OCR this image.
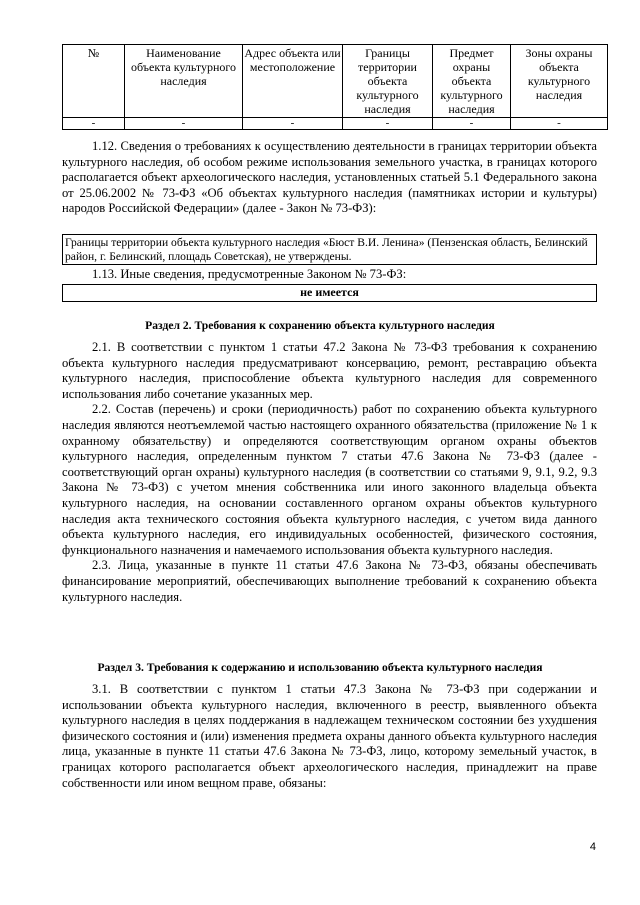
№	Наименование объекта культурного наследия	Адрес объекта или местоположение	Границы территории объекта культурного наследия	Предмет охраны объекта культурного наследия	Зоны охраны объекта культурного наследия
-	-	-	-	-	-

1.12. Сведения о требованиях к осуществлению деятельности в границах территории объекта культурного наследия, об особом режиме использования земельного участка, в границах которого располагается объект археологического наследия, установленных статьей 5.1 Федерального закона от 25.06.2002 № 73-ФЗ «Об объектах культурного наследия (памятниках истории и культуры) народов Российской Федерации» (далее - Закон № 73-ФЗ):

Границы территории объекта культурного наследия «Бюст В.И. Ленина» (Пензенская область, Белинский район, г. Белинский, площадь Советская), не утверждены.

1.13. Иные сведения, предусмотренные Законом № 73-ФЗ:

не имеется
Раздел 2. Требования к сохранению объекта культурного наследия

2.1. В соответствии с пунктом 1 статьи 47.2 Закона № 73-ФЗ требования к сохранению объекта культурного наследия предусматривают консервацию, ремонт, реставрацию объекта культурного наследия, приспособление объекта культурного наследия для современного использования либо сочетание указанных мер.

2.2. Состав (перечень) и сроки (периодичность) работ по сохранению объекта культурного наследия являются неотъемлемой частью настоящего охранного обязательства (приложение № 1 к охранному обязательству) и определяются соответствующим органом охраны объектов культурного наследия, определенным пунктом 7 статьи 47.6 Закона № 73-ФЗ (далее - соответствующий орган охраны) культурного наследия (в соответствии со статьями 9, 9.1, 9.2, 9.3 Закона № 73-ФЗ) с учетом мнения собственника или иного законного владельца объекта культурного наследия, на основании составленного органом охраны объектов культурного наследия акта технического состояния объекта культурного наследия, с учетом вида данного объекта культурного наследия, его индивидуальных особенностей, физического состояния, функционального назначения и намечаемого использования объекта культурного наследия.

2.3. Лица, указанные в пункте 11 статьи 47.6 Закона № 73-ФЗ, обязаны обеспечивать финансирование мероприятий, обеспечивающих выполнение требований к сохранению объекта культурного наследия.

Раздел 3. Требования к содержанию и использованию объекта культурного наследия

3.1. В соответствии с пунктом 1 статьи 47.3 Закона № 73-ФЗ при содержании и использовании объекта культурного наследия, включенного в реестр, выявленного объекта культурного наследия в целях поддержания в надлежащем техническом состоянии без ухудшения физического состояния и (или) изменения предмета охраны данного объекта культурного наследия лица, указанные в пункте 11 статьи 47.6 Закона № 73-ФЗ, лицо, которому земельный участок, в границах которого располагается объект археологического наследия, принадлежит на праве собственности или ином вещном праве, обязаны:

4
